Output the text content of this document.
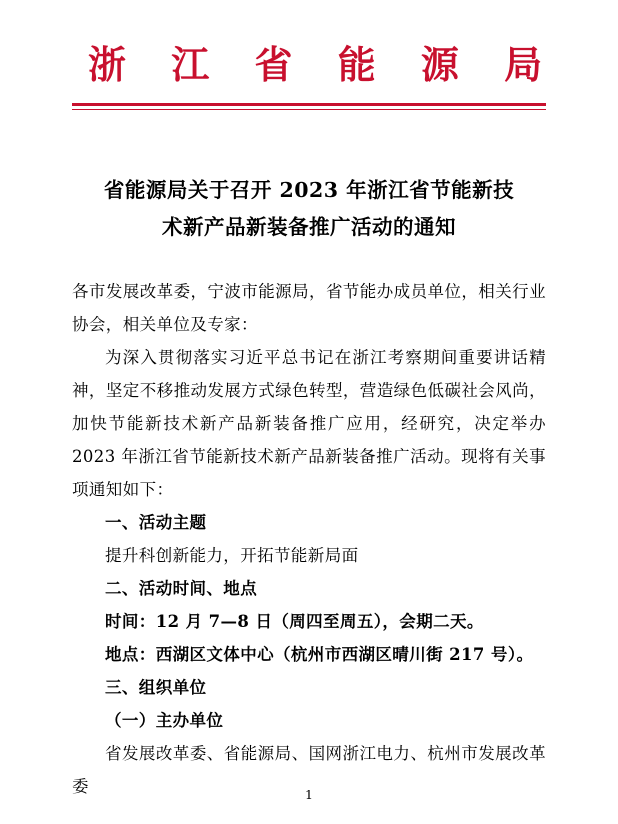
浙 江 省 能 源 局
省能源局关于召开 2023 年浙江省节能新技
术新产品新装备推广活动的通知

各市发展改革委，宁波市能源局，省节能办成员单位，相关行业协会，相关单位及专家：

为深入贯彻落实习近平总书记在浙江考察期间重要讲话精神，坚定不移推动发展方式绿色转型，营造绿色低碳社会风尚，加快节能新技术新产品新装备推广应用，经研究，决定举办 2023 年浙江省节能新技术新产品新装备推广活动。现将有关事项通知如下：

一、活动主题

提升科创新能力，开拓节能新局面

二、活动时间、地点

时间：12 月 7—8 日（周四至周五），会期二天。

地点：西湖区文体中心（杭州市西湖区晴川街 217 号）。

三、组织单位

（一）主办单位

省发展改革委、省能源局、国网浙江电力、杭州市发展改革委	1
